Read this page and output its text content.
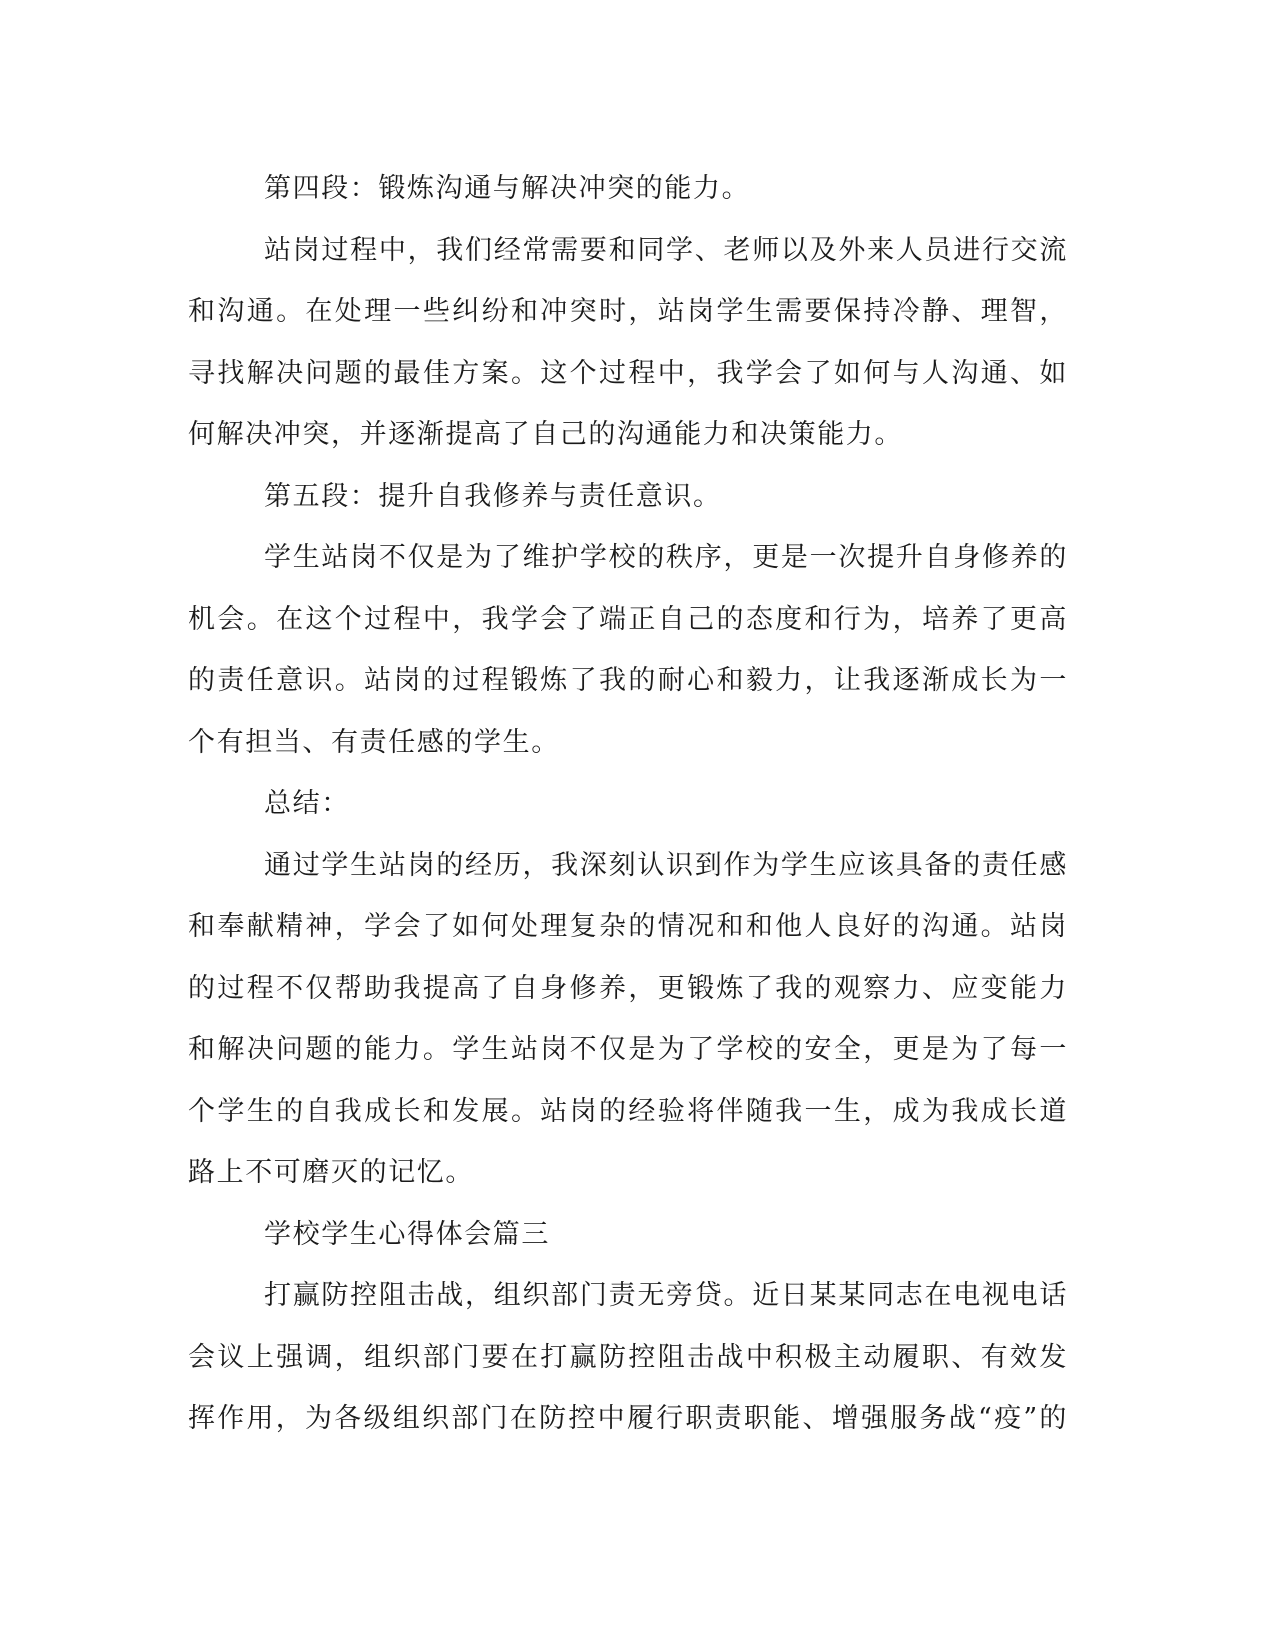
第四段：锻炼沟通与解决冲突的能力。
站岗过程中，我们经常需要和同学、老师以及外来人员进行交流
和沟通。在处理一些纠纷和冲突时，站岗学生需要保持冷静、理智，
寻找解决问题的最佳方案。这个过程中，我学会了如何与人沟通、如
何解决冲突，并逐渐提高了自己的沟通能力和决策能力。
第五段：提升自我修养与责任意识。
学生站岗不仅是为了维护学校的秩序，更是一次提升自身修养的
机会。在这个过程中，我学会了端正自己的态度和行为，培养了更高
的责任意识。站岗的过程锻炼了我的耐心和毅力，让我逐渐成长为一
个有担当、有责任感的学生。
总结：
通过学生站岗的经历，我深刻认识到作为学生应该具备的责任感
和奉献精神，学会了如何处理复杂的情况和和他人良好的沟通。站岗
的过程不仅帮助我提高了自身修养，更锻炼了我的观察力、应变能力
和解决问题的能力。学生站岗不仅是为了学校的安全，更是为了每一
个学生的自我成长和发展。站岗的经验将伴随我一生，成为我成长道
路上不可磨灭的记忆。
学校学生心得体会篇三
打赢防控阻击战，组织部门责无旁贷。近日某某同志在电视电话
会议上强调，组织部门要在打赢防控阻击战中积极主动履职、有效发
挥作用，为各级组织部门在防控中履行职责职能、增强服务战“疫”的
